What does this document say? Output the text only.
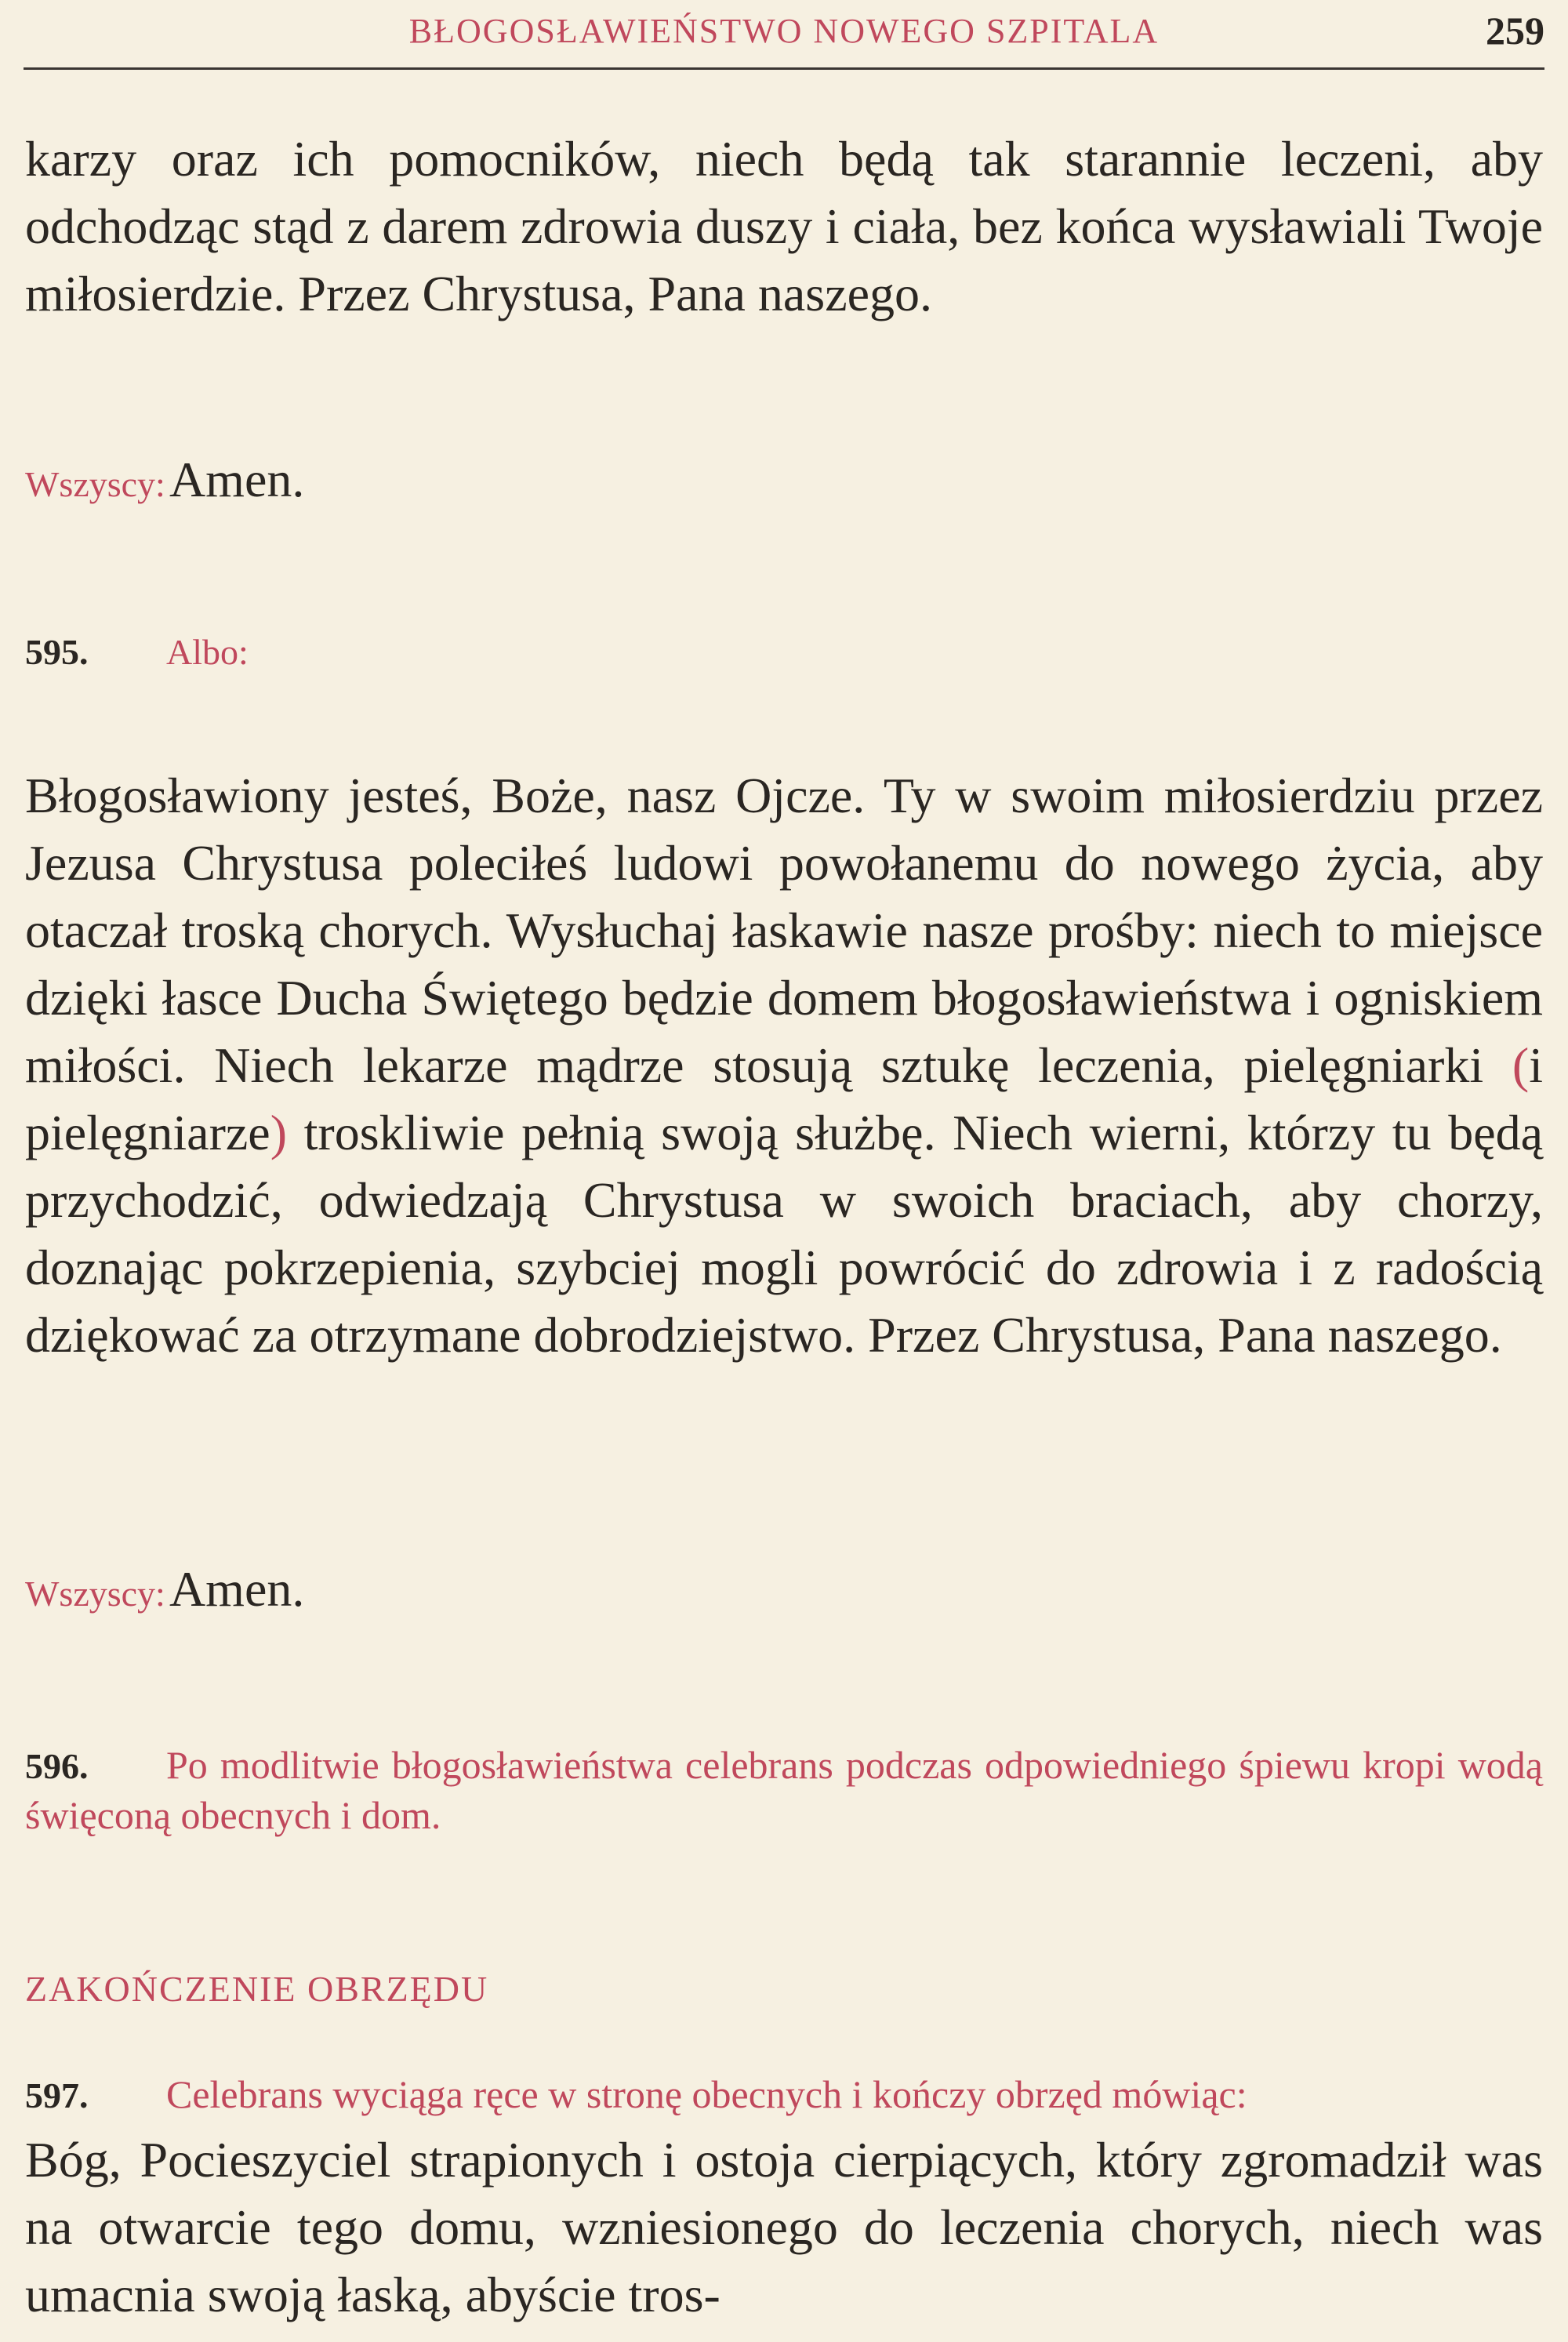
BŁOGOSŁAWIEŃSTWO NOWEGO SZPITALA	259

karzy oraz ich pomocników, niech będą tak starannie leczeni, aby odchodząc stąd z darem zdrowia duszy i ciała, bez końca wysławiali Twoje miłosierdzie. Przez Chrystusa, Pana naszego.

Wszyscy: Amen.
595. Albo:

Błogosławiony jesteś, Boże, nasz Ojcze. Ty w swoim miłosierdziu przez Jezusa Chrystusa poleciłeś ludowi powołanemu do nowego życia, aby otaczał troską chorych. Wysłuchaj łaskawie nasze prośby: niech to miejsce dzięki łasce Ducha Świętego będzie domem błogosławieństwa i ogniskiem miłości. Niech lekarze mądrze stosują sztukę leczenia, pielęgniarki (i pielęgniarze) troskliwie pełnią swoją służbę. Niech wierni, którzy tu będą przychodzić, odwiedzają Chrystusa w swoich braciach, aby chorzy, doznając pokrzepienia, szybciej mogli powrócić do zdrowia i z radością dziękować za otrzymane dobrodziejstwo. Przez Chrystusa, Pana naszego.

Wszyscy: Amen.

596. Po modlitwie błogosławieństwa celebrans podczas odpowiedniego śpiewu kropi wodą święconą obecnych i dom.

ZAKOŃCZENIE OBRZĘDU

597. Celebrans wyciąga ręce w stronę obecnych i kończy obrzęd mówiąc:

Bóg, Pocieszyciel strapionych i ostoja cierpiących, który zgromadził was na otwarcie tego domu, wzniesionego do leczenia chorych, niech was umacnia swoją łaską, abyście tros-
